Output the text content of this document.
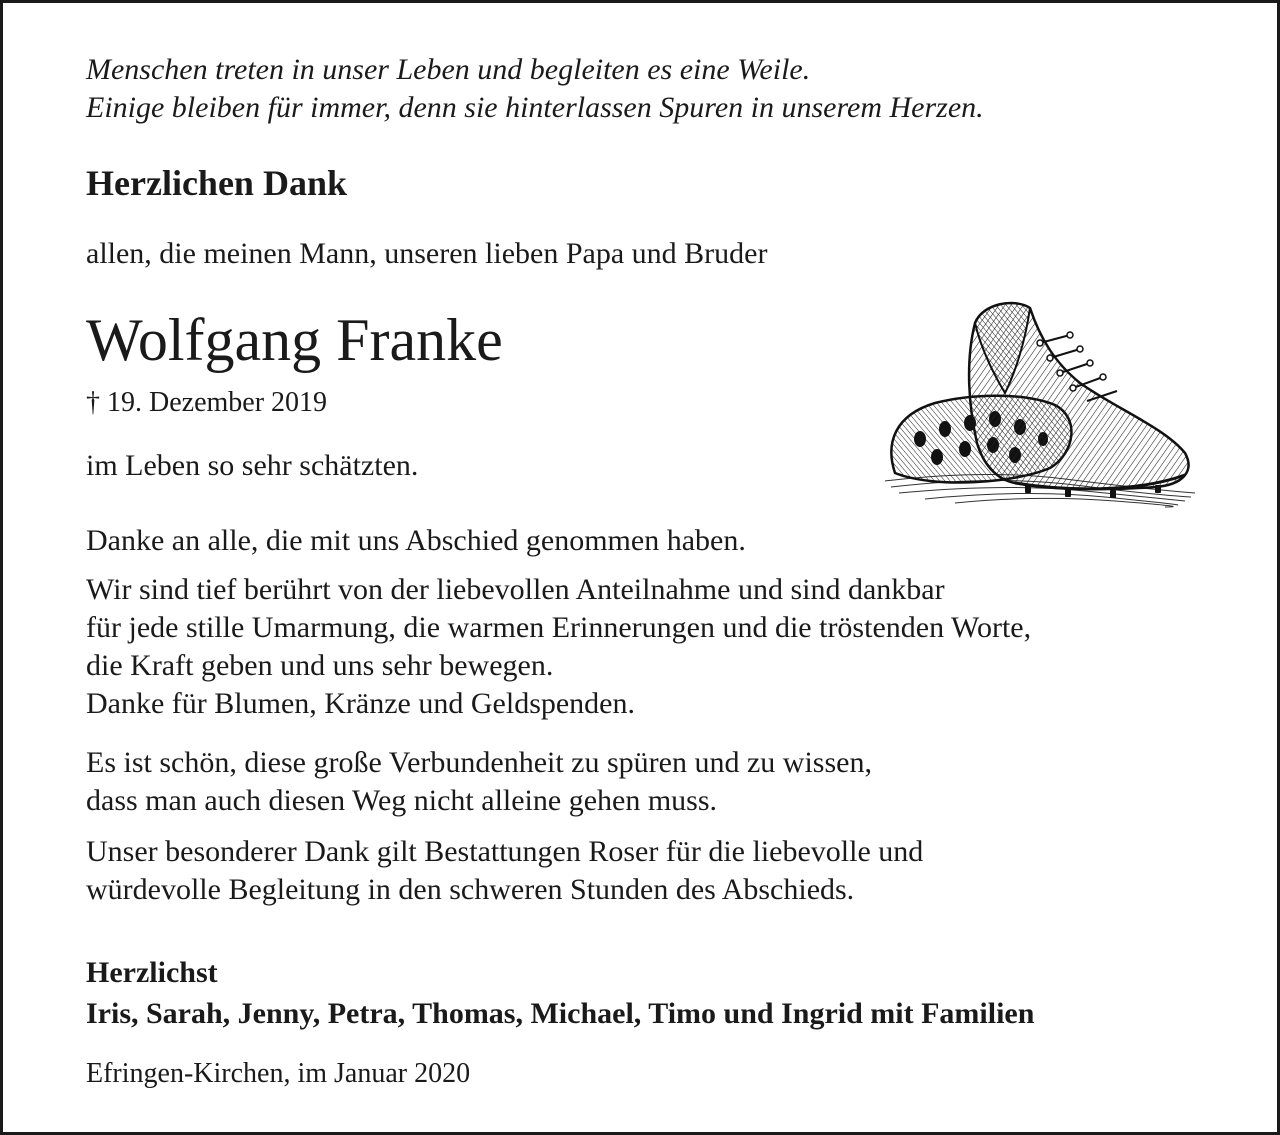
Menschen treten in unser Leben und begleiten es eine Weile.
Einige bleiben für immer, denn sie hinterlassen Spuren in unserem Herzen.
Herzlichen Dank
allen, die meinen Mann, unseren lieben Papa und Bruder
Wolfgang Franke
† 19. Dezember 2019
im Leben so sehr schätzten.
Danke an alle, die mit uns Abschied genommen haben.
Wir sind tief berührt von der liebevollen Anteilnahme und sind dankbar
für jede stille Umarmung, die warmen Erinnerungen und die tröstenden Worte,
die Kraft geben und uns sehr bewegen.
Danke für Blumen, Kränze und Geldspenden.
Es ist schön, diese große Verbundenheit zu spüren und zu wissen,
dass man auch diesen Weg nicht alleine gehen muss.
Unser besonderer Dank gilt Bestattungen Roser für die liebevolle und
würdevolle Begleitung in den schweren Stunden des Abschieds.
Herzlichst
Iris, Sarah, Jenny, Petra, Thomas, Michael, Timo und Ingrid mit Familien
Efringen-Kirchen, im Januar 2020
